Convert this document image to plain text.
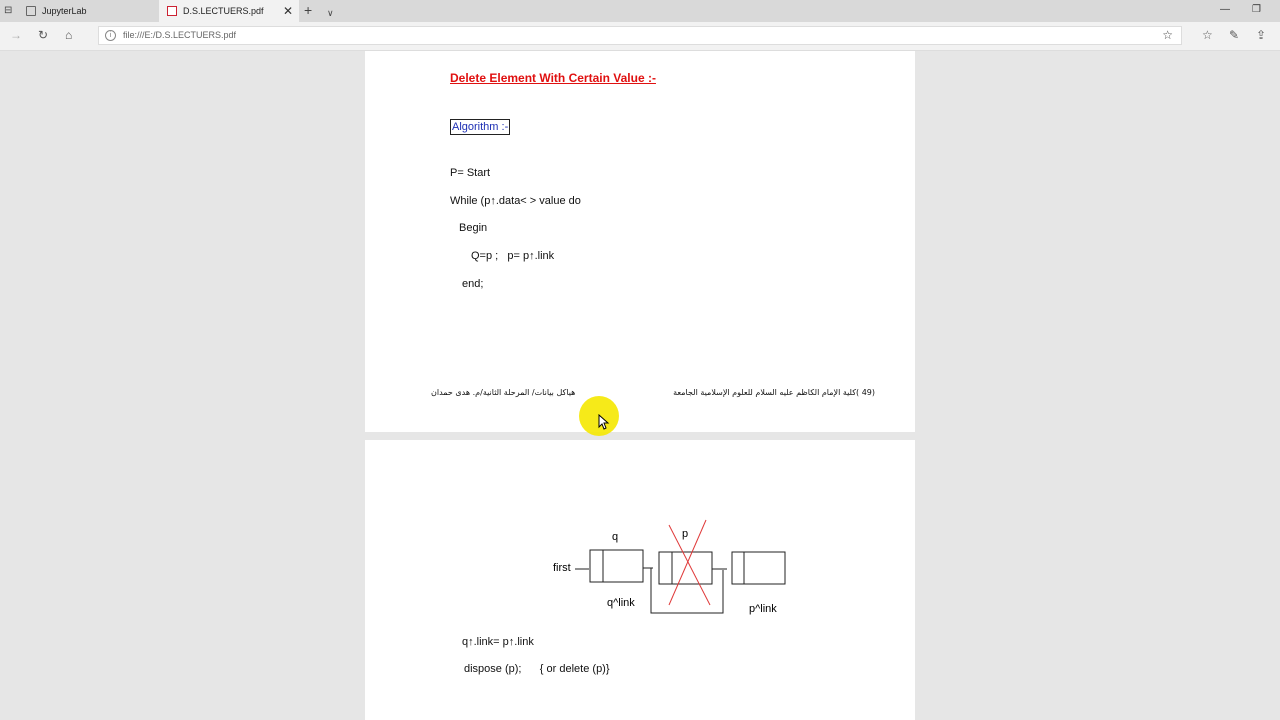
⊟	JupyterLab	D.S.LECTUERS.pdf ✕ + ∨	— ❐
→ ↻ ⌂	i	file:///E:/D.S.LECTUERS.pdf	☆ ☆ ✎ ⇪
Delete Element With Certain Value :-
Algorithm :-
P= Start
While (p↑.data< > value do
Begin
Q=p ;   p= p↑.link
end;
هياكل بيانات/ المرحلة الثانية/م. هدى حمدان	(49 )كلية الإمام الكاظم عليه السلام للعلوم الإسلامية الجامعة
first
q	p
q^link	p^link
q↑.link= p↑.link
dispose (p);      { or delete (p)}
